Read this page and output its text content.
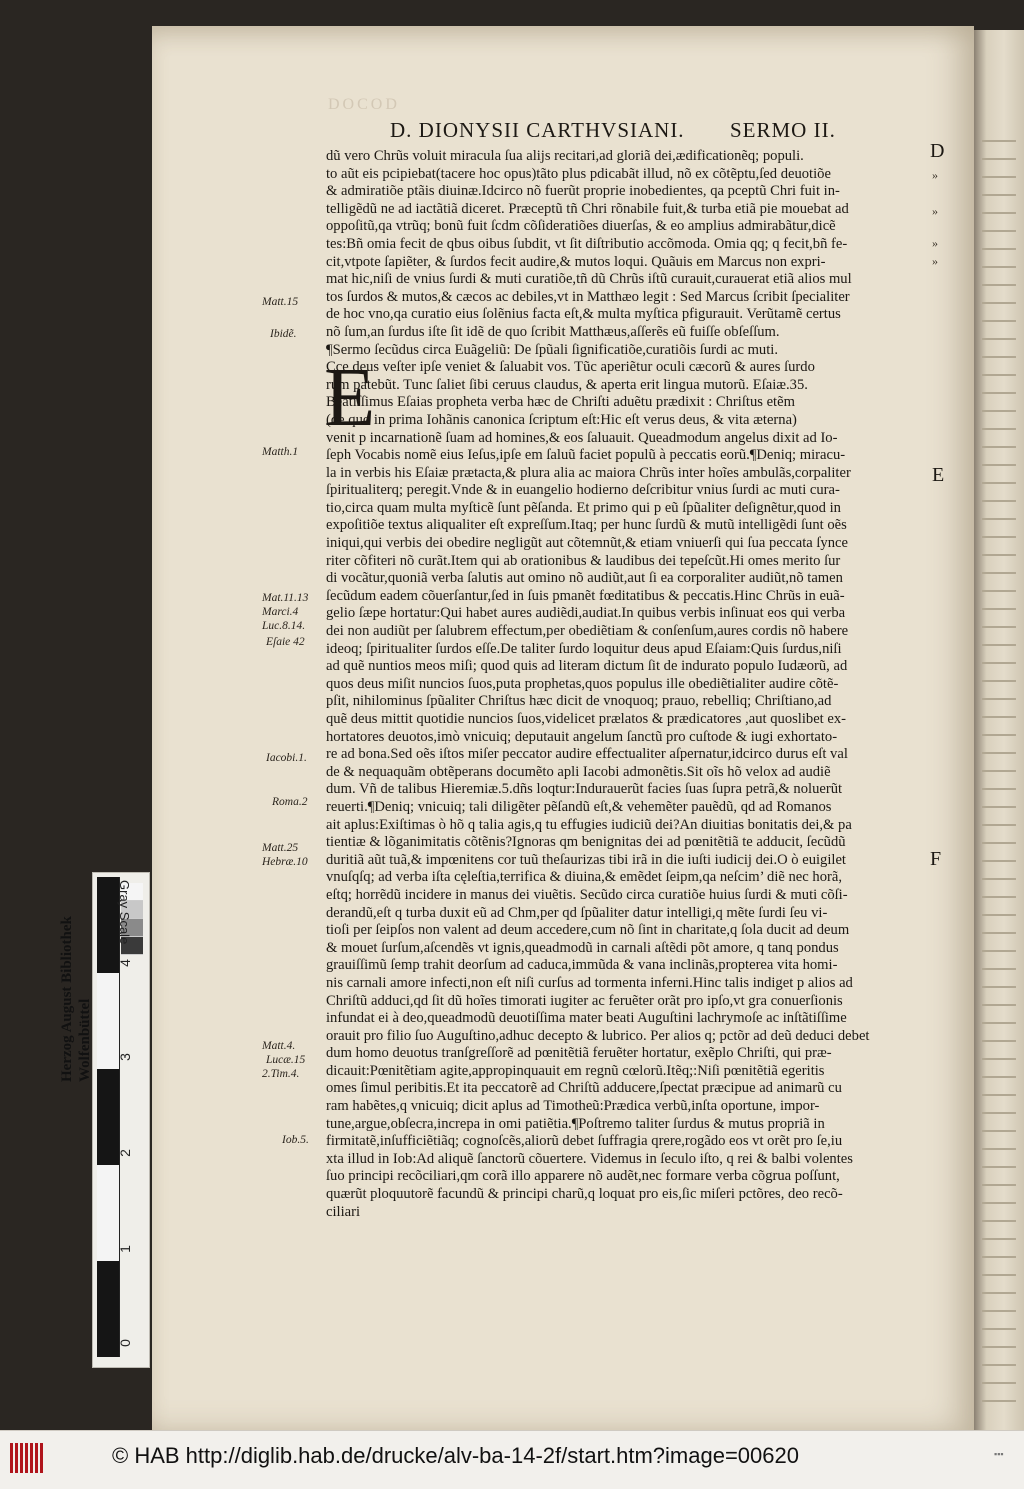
DOCOD
D. DIONYSII CARTHVSIANI. SERMO II.
dũ vero Chrũs voluit miracula ſua alijs recitari,ad gloriã dei,ædificationẽq; populi.
to aũt eis pcipiebat(tacere hoc opus)tãto plus pdicabãt illud, nõ ex cõtẽptu,ſed deuotiõe
& admiratiõe ptãis diuinæ.Idcirco nõ fuerũt proprie inobedientes, qa pceptũ Chri fuit in-
telligẽdũ ne ad iactãtiã diceret. Præceptũ tñ Chri rõnabile fuit,& turba etiã pie mouebat ad
oppoſitũ,qa vtrũq; bonũ fuit ſcdm cõſideratiões diuerſas, & eo amplius admirabãtur,dicẽ
tes:Bñ omia fecit de qbus oibus ſubdit, vt ſit diſtributio accõmoda. Omia qq; q fecit,bñ fe-
cit,vtpote ſapiẽter, & ſurdos fecit audire,& mutos loqui. Quãuis em Marcus non expri-
mat hic,niſi de vnius ſurdi & muti curatiõe,tñ dũ Chrũs iſtũ curauit,curauerat etiã alios mul
tos ſurdos & mutos,& cæcos ac debiles,vt in Matthæo legit : Sed Marcus ſcribit ſpecialiter
de hoc vno,qa curatio eius ſolẽnius facta eſt,& multa myſtica pfigurauit. Verũtamẽ certus
nõ ſum,an ſurdus iſte ſit idẽ de quo ſcribit Matthæus,aſſerẽs eũ fuiſſe obſeſſum.
¶Sermo ſecũdus circa Euãgeliũ: De ſpũali ſignificatiõe,curatiõis ſurdi ac muti.
Cce deus veſter ipſe veniet & ſaluabit vos. Tũc aperiẽtur oculi cæcorũ & aures ſurdo
rum patebũt. Tunc ſaliet ſibi ceruus claudus, & aperta erit lingua mutorũ. Eſaiæ.35.
Beatiſſimus Eſaias propheta verba hæc de Chriſti aduẽtu prædixit : Chriſtus etẽm
(de quo in prima Iohãnis canonica ſcriptum eſt:Hic eſt verus deus, & vita æterna)
venit p incarnationẽ ſuam ad homines,& eos ſaluauit. Queadmodum angelus dixit ad Io-
ſeph Vocabis nomẽ eius Ieſus,ipſe em ſaluũ faciet populũ à peccatis eorũ.¶Deniq; miracu-
la in verbis his Eſaiæ prætacta,& plura alia ac maiora Chrũs inter hoĩes ambulãs,corpaliter
ſpiritualiterq; peregit.Vnde & in euangelio hodierno deſcribitur vnius ſurdi ac muti cura-
tio,circa quam multa myſticẽ ſunt pẽſanda. Et primo qui p eũ ſpũaliter deſignẽtur,quod in
expoſitiõe textus aliqualiter eſt expreſſum.Itaq; per hunc ſurdũ & mutũ intelligẽdi ſunt oẽs
iniqui,qui verbis dei obedire negligũt aut cõtemnũt,& etiam vniuerſi qui ſua peccata ſynce
riter cõfiteri nõ curãt.Item qui ab orationibus & laudibus dei tepeſcũt.Hi omes merito ſur
di vocãtur,quoniã verba ſalutis aut omino nõ audiũt,aut ſi ea corporaliter audiũt,nõ tamen
ſecũdum eadem cõuerſantur,ſed in ſuis pmanẽt fœditatibus & peccatis.Hinc Chrũs in euã-
gelio ſæpe hortatur:Qui habet aures audiẽdi,audiat.In quibus verbis inſinuat eos qui verba
dei non audiũt per ſalubrem effectum,per obediẽtiam & conſenſum,aures cordis nõ habere
ideoq; ſpiritualiter ſurdos eſſe.De taliter ſurdo loquitur deus apud Eſaiam:Quis ſurdus,niſi
ad quẽ nuntios meos miſi; quod quis ad literam dictum ſit de indurato populo Iudæorũ, ad
quos deus miſit nuncios ſuos,puta prophetas,quos populus ille obediẽtialiter audire cõtẽ-
pſit, nihilominus ſpũaliter Chriſtus hæc dicit de vnoquoq; prauo, rebelliq; Chriſtiano,ad
quẽ deus mittit quotidie nuncios ſuos,videlicet prælatos & prædicatores ,aut quoslibet ex-
hortatores deuotos,imò vnicuiq; deputauit angelum ſanctũ pro cuſtode & iugi exhortato-
re ad bona.Sed oẽs iſtos miſer peccator audire effectualiter aſpernatur,idcirco durus eſt val
de & nequaquãm obtẽperans documẽto apli Iacobi admonẽtis.Sit oĩs hõ velox ad audiẽ
dum. Vñ de talibus Hieremiæ.5.dñs loqtur:Indurauerũt facies ſuas ſupra petrã,& noluerũt
reuerti.¶Deniq; vnicuiq; tali diligẽter pẽſandũ eſt,& vehemẽter pauẽdũ, qd ad Romanos
ait aplus:Exiſtimas ò hõ q talia agis,q tu effugies iudiciũ dei?An diuitias bonitatis dei,& pa
tientiæ & lõganimitatis cõtẽnis?Ignoras qm benignitas dei ad pœnitẽtiã te adducit, ſecũdũ
duritiã aũt tuã,& impœnitens cor tuũ theſaurizas tibi irã in die iuſti iudicij dei.O ò euigilet
vnuſqſq; ad verba iſta cęleſtia,terrifica & diuina,& emẽdet ſeipm,qa neſcim’ diẽ nec horã,
eſtq; horrẽdũ incidere in manus dei viuẽtis. Secũdo circa curatiõe huius ſurdi & muti cõſi-
derandũ,eſt q turba duxit eũ ad Chm,per qd ſpũaliter datur intelligi,q mẽte ſurdi ſeu vi-
tioſi per ſeipſos non valent ad deum accedere,cum nõ ſint in charitate,q ſola ducit ad deum
& mouet ſurſum,aſcendẽs vt ignis,queadmodũ in carnali aſtẽdi põt amore, q tanq pondus
grauiſſimũ ſemp trahit deorſum ad caduca,immũda & vana inclinãs,propterea vita homi-
nis carnali amore infecti,non eſt niſi curſus ad tormenta inferni.Hinc talis indiget p alios ad
Chriſtũ adduci,qd ſit dũ hoĩes timorati iugiter ac feruẽter orãt pro ipſo,vt gra conuerſionis
infundat ei à deo,queadmodũ deuotiſſima mater beati Auguſtini lachrymoſe ac inſtãtiſſime
orauit pro filio ſuo Auguſtino,adhuc decepto & lubrico. Per alios q; pctõr ad deũ deduci debet
dum homo deuotus tranſgreſſorẽ ad pœnitẽtiã feruẽter hortatur, exẽplo Chriſti, qui præ-
dicauit:Pœnitẽtiam agite,appropinquauit em regnũ cœlorũ.Itẽq;:Niſi pœnitẽtiã egeritis
omes ſimul peribitis.Et ita peccatorẽ ad Chriſtũ adducere,ſpectat præcipue ad animarũ cu
ram habẽtes,q vnicuiq; dicit aplus ad Timotheũ:Prædica verbũ,inſta oportune, impor-
tune,argue,obſecra,increpa in omi patiẽtia.¶Poſtremo taliter ſurdus & mutus propriã in
firmitatẽ,inſufficiẽtiãq; cognoſcẽs,aliorũ debet ſuffragia qrere,rogãdo eos vt orẽt pro ſe,iu
xta illud in Iob:Ad aliquẽ ſanctorũ cõuertere. Videmus in ſeculo iſto, q rei & balbi volentes
ſuo principi recõciliari,qm corã illo apparere nõ audẽt,nec formare verba cõgrua poſſunt,
quærũt ploquutorẽ facundũ & principi charũ,q loquat pro eis,ſic miſeri pctõres, deo recõ-
ciliari
E
Matt.15
Ibidẽ.
Matth.1
Mat.11.13
Marci.4
Luc.8.14.
Eſaie 42
Iacobi.1.
Roma.2
Matt.25
Hebræ.10
Matt.4.
Lucæ.15
2.Tim.4.
Iob.5.
D
E
F
»
»
»
»
4
3
2
1
0
Gray Scale
Herzog August Bibliothek Wolfenbüttel
© HAB http://diglib.hab.de/drucke/alv-ba-14-2f/start.htm?image=00620	▪▪▪
